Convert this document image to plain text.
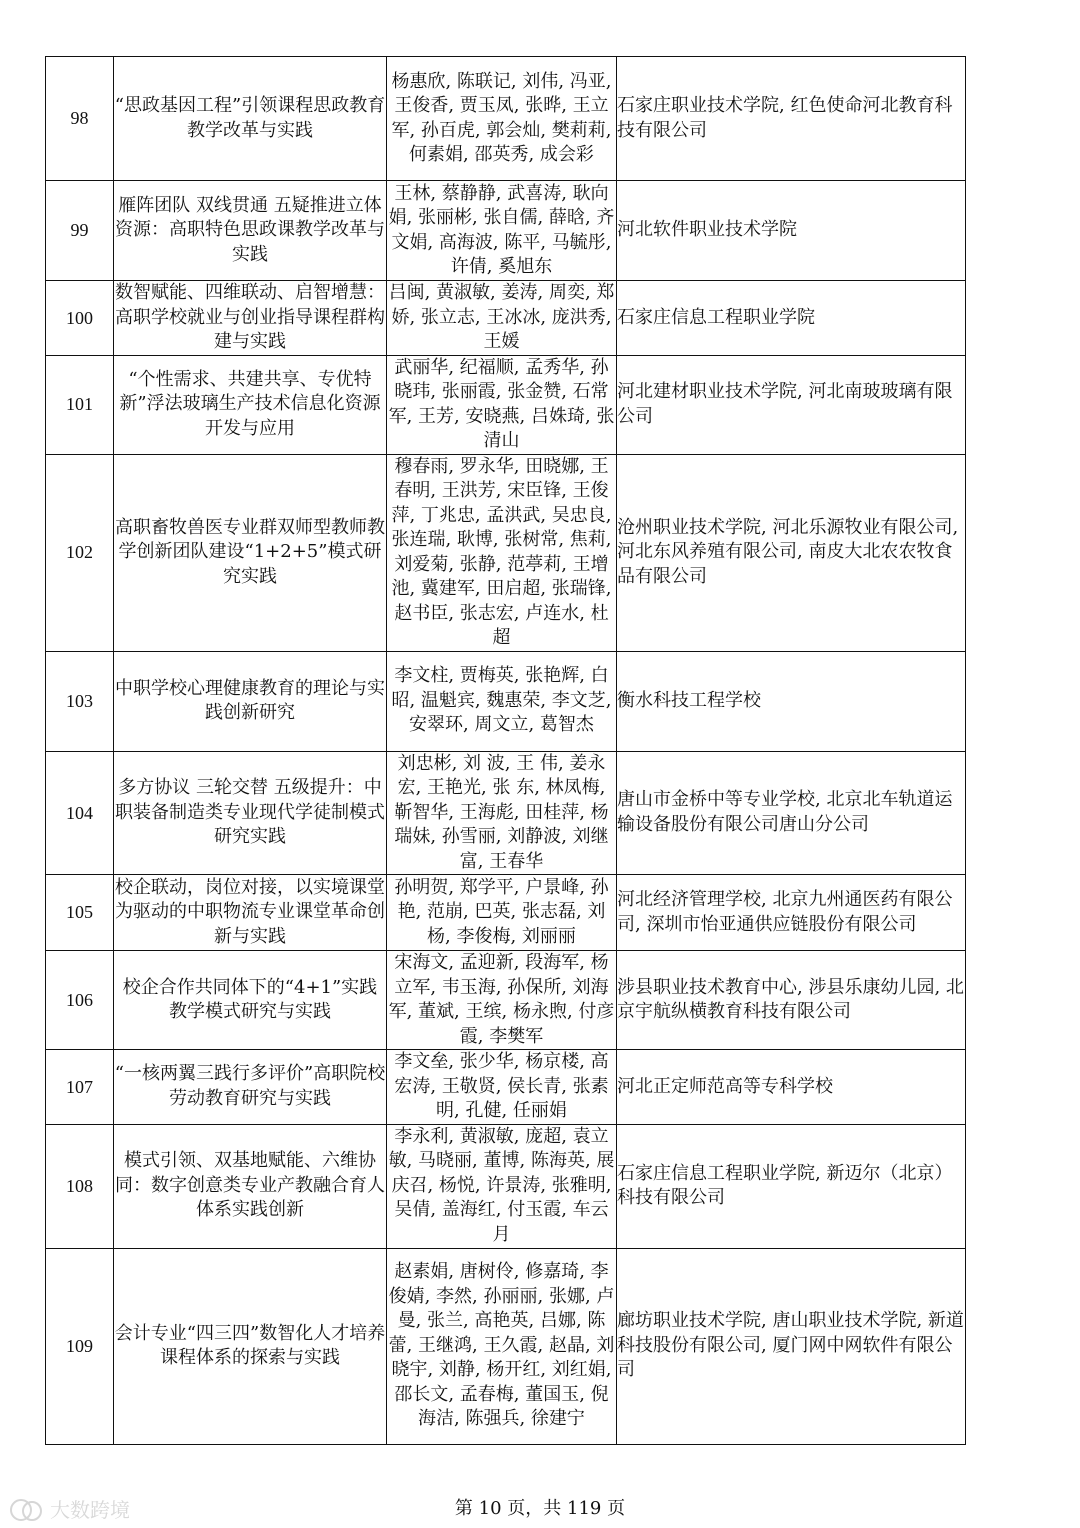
98	“思政基因工程”引领课程思政教育教学改革与实践	杨惠欣, 陈联记, 刘伟, 冯亚, 王俊香, 贾玉凤, 张晔, 王立军, 孙百虎, 郭会灿, 樊莉莉, 何素娟, 邵英秀, 成会彩	石家庄职业技术学院, 红色使命河北教育科技有限公司
99	雁阵团队 双线贯通 五疑推进立体资源：高职特色思政课教学改革与实践	王林, 蔡静静, 武喜涛, 耿向娟, 张丽彬, 张自儒, 薛晗, 齐文娟, 高海波, 陈平, 马毓彤, 许倩, 奚旭东	河北软件职业技术学院
100	数智赋能、四维联动、启智增慧： 高职学校就业与创业指导课程群构建与实践	吕闽, 黄淑敏, 姜涛, 周奕, 郑娇, 张立志, 王冰冰, 庞洪秀, 王媛	石家庄信息工程职业学院
101	“个性需求、共建共享、专优特新”浮法玻璃生产技术信息化资源开发与应用	武丽华, 纪福顺, 孟秀华, 孙晓玮, 张丽霞, 张金赞, 石常军, 王芳, 安晓燕, 吕姝琦, 张清山	河北建材职业技术学院, 河北南玻玻璃有限公司
102	高职畜牧兽医专业群双师型教师教学创新团队建设“1+2+5”模式研究实践	穆春雨, 罗永华, 田晓娜, 王春明, 王洪芳, 宋臣锋, 王俊萍, 丁兆忠, 孟洪武, 吴忠良, 张连瑞, 耿博, 张树常, 焦莉, 刘爱菊, 张静, 范葶莉, 王增池, 冀建军, 田启超, 张瑞锋, 赵书臣, 张志宏, 卢连水, 杜超	沧州职业技术学院, 河北乐源牧业有限公司, 河北东风养殖有限公司, 南皮大北农农牧食品有限公司
103	中职学校心理健康教育的理论与实践创新研究	李文柱, 贾梅英, 张艳辉, 白昭, 温魁宾, 魏惠荣, 李文芝, 安翠环, 周文立, 葛智杰	衡水科技工程学校
104	多方协议 三轮交替 五级提升：中职装备制造类专业现代学徒制模式研究实践	刘忠彬, 刘 波, 王 伟, 姜永宏, 王艳光, 张 东, 林凤梅, 靳智华, 王海彪, 田桂萍, 杨瑞妹, 孙雪丽, 刘静波, 刘继富, 王春华	唐山市金桥中等专业学校, 北京北车轨道运输设备股份有限公司唐山分公司
105	校企联动，岗位对接，以实境课堂为驱动的中职物流专业课堂革命创新与实践	孙明贺, 郑学平, 户景峰, 孙艳, 范崩, 巴英, 张志磊, 刘杨, 李俊梅, 刘丽丽	河北经济管理学校, 北京九州通医药有限公司, 深圳市怡亚通供应链股份有限公司
106	校企合作共同体下的“4+1”实践教学模式研究与实践	宋海文, 孟迎新, 段海军, 杨立军, 韦玉海, 孙保所, 刘海军, 董斌, 王缤, 杨永煦, 付彦霞, 李樊军	涉县职业技术教育中心, 涉县乐康幼儿园, 北京宇航纵横教育科技有限公司
107	“一核两翼三践行多评价”高职院校劳动教育研究与实践	李文垒, 张少华, 杨京楼, 高宏涛, 王敬贤, 侯长青, 张素明, 孔健, 任丽娟	河北正定师范高等专科学校
108	模式引领、双基地赋能、六维协同：数字创意类专业产教融合育人体系实践创新	李永利, 黄淑敏, 庞超, 袁立敏, 马晓丽, 董博, 陈海英, 展庆召, 杨悦, 许景涛, 张雅明, 吴倩, 盖海红, 付玉霞, 车云月	石家庄信息工程职业学院, 新迈尔（北京）科技有限公司
109	会计专业“四三四”数智化人才培养课程体系的探索与实践	赵素娟, 唐树伶, 修嘉琦, 李俊婧, 李然, 孙丽丽, 张娜, 卢曼, 张兰, 高艳英, 吕娜, 陈蕾, 王继鸿, 王久霞, 赵晶, 刘晓宇, 刘静, 杨开红, 刘红娟, 邵长文, 孟春梅, 董国玉, 倪海洁, 陈强兵, 徐建宁	廊坊职业技术学院, 唐山职业技术学院, 新道科技股份有限公司, 厦门网中网软件有限公司
大数跨境	第 10 页，共 119 页
